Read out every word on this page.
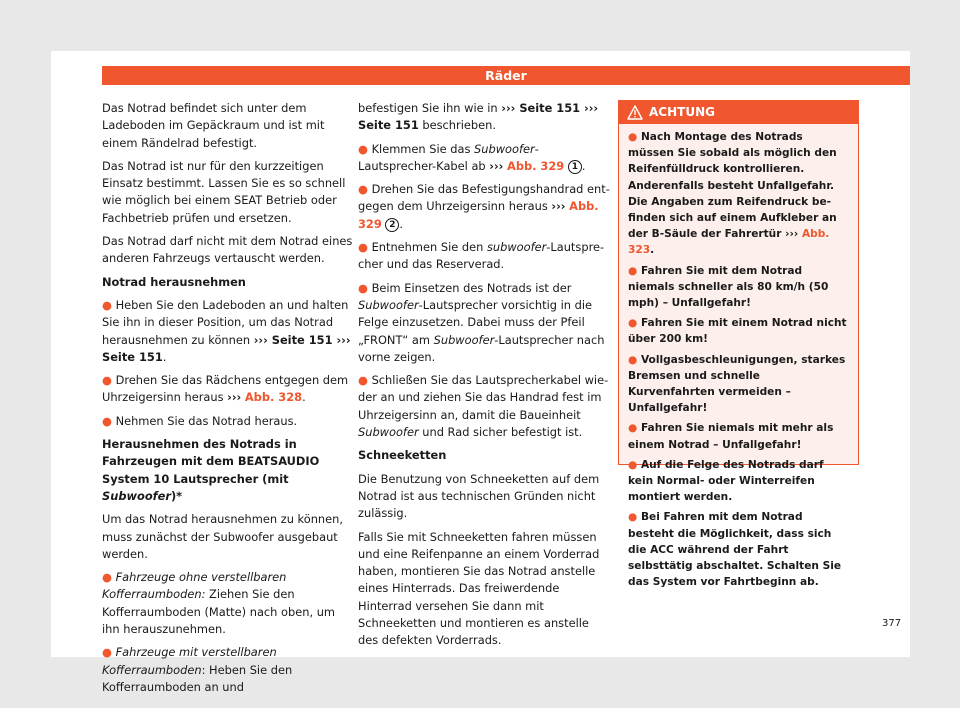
Räder

Das Notrad befindet sich unter dem Ladeboden im Gepäckraum und ist mit einem Rändelrad befestigt.

Das Notrad ist nur für den kurzzeitigen Einsatz bestimmt. Lassen Sie es so schnell wie möglich bei einem SEAT Betrieb oder Fachbetrieb prüfen und ersetzen.

Das Notrad darf nicht mit dem Notrad eines anderen Fahrzeugs vertauscht werden.

Notrad herausnehmen

● Heben Sie den Ladeboden an und halten Sie ihn in dieser Position, um das Notrad herausnehmen zu können ››› Seite 151 ››› Seite 151.

● Drehen Sie das Rädchens entgegen dem Uhrzeigersinn heraus ››› Abb. 328.

● Nehmen Sie das Notrad heraus.

Herausnehmen des Notrads in Fahrzeugen mit dem BEATSAUDIO System 10 Lautsprecher (mit Subwoofer)*

Um das Notrad herausnehmen zu können, muss zunächst der Subwoofer ausgebaut werden.

● Fahrzeuge ohne verstellbaren Kofferraumboden: Ziehen Sie den Kofferraumboden (Matte) nach oben, um ihn herauszunehmen.

● Fahrzeuge mit verstellbaren Kofferraumboden: Heben Sie den Kofferraumboden an und

befestigen Sie ihn wie in ››› Seite 151 ››› Seite 151 beschrieben.

● Klemmen Sie das Subwoofer-Lautsprecher-Kabel ab ››› Abb. 329 1 .

● Drehen Sie das Befestigungshandrad entgegen dem Uhrzeigersinn heraus ››› Abb. 329 2 .

● Entnehmen Sie den subwoofer-Lautsprecher und das Reserverad.

● Beim Einsetzen des Notrads ist der Subwoofer-Lautsprecher vorsichtig in die Felge einzusetzen. Dabei muss der Pfeil „FRONT“ am Subwoofer-Lautsprecher nach vorne zeigen.

● Schließen Sie das Lautsprecherkabel wieder an und ziehen Sie das Handrad fest im Uhrzeigersinn an, damit die Baueinheit Subwoofer und Rad sicher befestigt ist.

Schneeketten

Die Benutzung von Schneeketten auf dem Notrad ist aus technischen Gründen nicht zulässig.

Falls Sie mit Schneeketten fahren müssen und eine Reifenpanne an einem Vorderrad haben, montieren Sie das Notrad anstelle eines Hinterrads. Das freiwerdende Hinterrad versehen Sie dann mit Schneeketten und montieren es anstelle des defekten Vorderrads.

ACHTUNG

● Nach Montage des Notrads müssen Sie sobald als möglich den Reifenfülldruck kontrollieren. Anderenfalls besteht Unfallgefahr. Die Angaben zum Reifendruck befinden sich auf einem Aufkleber an der B-Säule der Fahrertür ››› Abb. 323.

● Fahren Sie mit dem Notrad niemals schneller als 80 km/h (50 mph) – Unfallgefahr!

● Fahren Sie mit einem Notrad nicht über 200 km!

● Vollgasbeschleunigungen, starkes Bremsen und schnelle Kurvenfahrten vermeiden – Unfallgefahr!

● Fahren Sie niemals mit mehr als einem Notrad – Unfallgefahr!

● Auf die Felge des Notrads darf kein Normal- oder Winterreifen montiert werden.

● Bei Fahren mit dem Notrad besteht die Möglichkeit, dass sich die ACC während der Fahrt selbsttätig abschaltet. Schalten Sie das System vor Fahrtbeginn ab.

377
